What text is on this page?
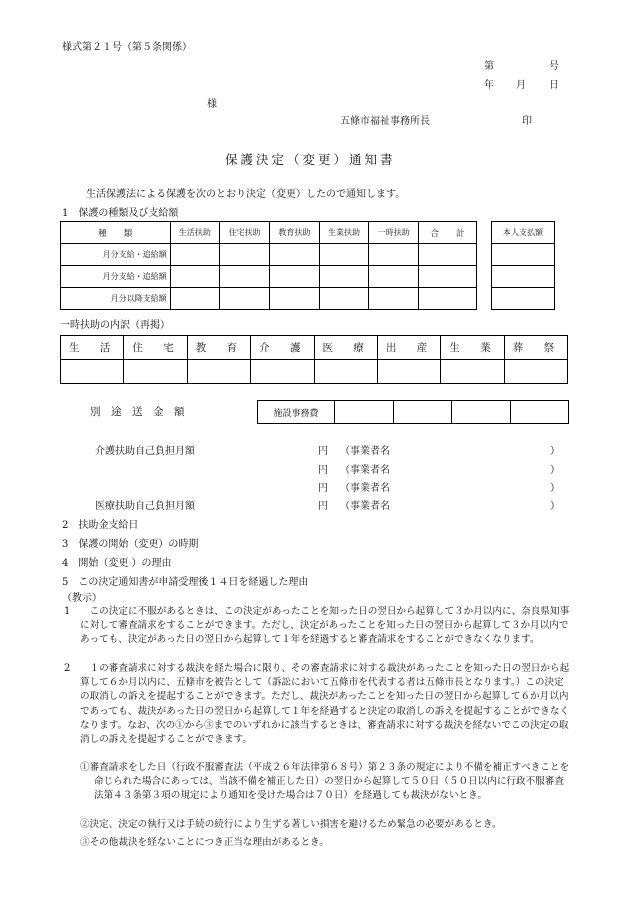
様式第２１号（第５条関係）
第	号
年 月 日
様
五條市福祉事務所長	印
保護決定（変更）通知書
生活保護法による保護を次のとおり決定（変更）したので通知します。
1　保護の種類及び支給額
種　　類	生活扶助	住宅扶助	教育扶助	生業扶助	一時扶助	合　　計
月分支給・追給額						
月分支給・追給額						
月分以降支給額						
本人支払額

一時扶助の内訳（再掲）
生　活	住　宅	教　育	介　護	医　療	出　産	生　業	葬　祭

別　途　送　金　額	施設事務費				
介護扶助自己負担月額	円 （事業者名	）
円 （事業者名	）
円 （事業者名	）
医療扶助自己負担月額	円 （事業者名	）
2　扶助金支給日
3　保護の開始（変更）の時期
4　開始（変更 ）の理由
5　この決定通知書が申請受理後１４日を経過した理由
（教示）
1 　この決定に不服があるときは、この決定があったことを知った日の翌日から起算して３か月以内に、奈良県知事に対して審査請求をすることができます。ただし、決定があったことを知った日の翌日から起算して３か月以内であっても、決定があった日の翌日から起算して１年を経過すると審査請求をすることができなくなります。
2 　１の審査請求に対する裁決を経た場合に限り、その審査請求に対する裁決があったことを知った日の翌日から起算して６か月以内に、五條市を被告として（訴訟において五條市を代表する者は五條市長となります。）この決定の取消しの訴えを提起することができます。ただし、裁決があったことを知った日の翌日から起算して６か月以内であっても、裁決があった日の翌日から起算して１年を経過すると決定の取消しの訴えを提起することができなくなります。なお、次の①から③までのいずれかに該当するときは、審査請求に対する裁決を経ないでこの決定の取消しの訴えを提起することができます。
①審査請求をした日（行政不服審査法（平成２６年法律第６８号）第２３条の規定により不備を補正すべきことを命じられた場合にあっては、当該不備を補正した日）の翌日から起算して５０日（５０日以内に行政不服審査法第４３条第３項の規定により通知を受けた場合は７０日）を経過しても裁決がないとき。
②決定、決定の執行又は手続の続行により生ずる著しい損害を避けるため緊急の必要があるとき。
③その他裁決を経ないことにつき正当な理由があるとき。
